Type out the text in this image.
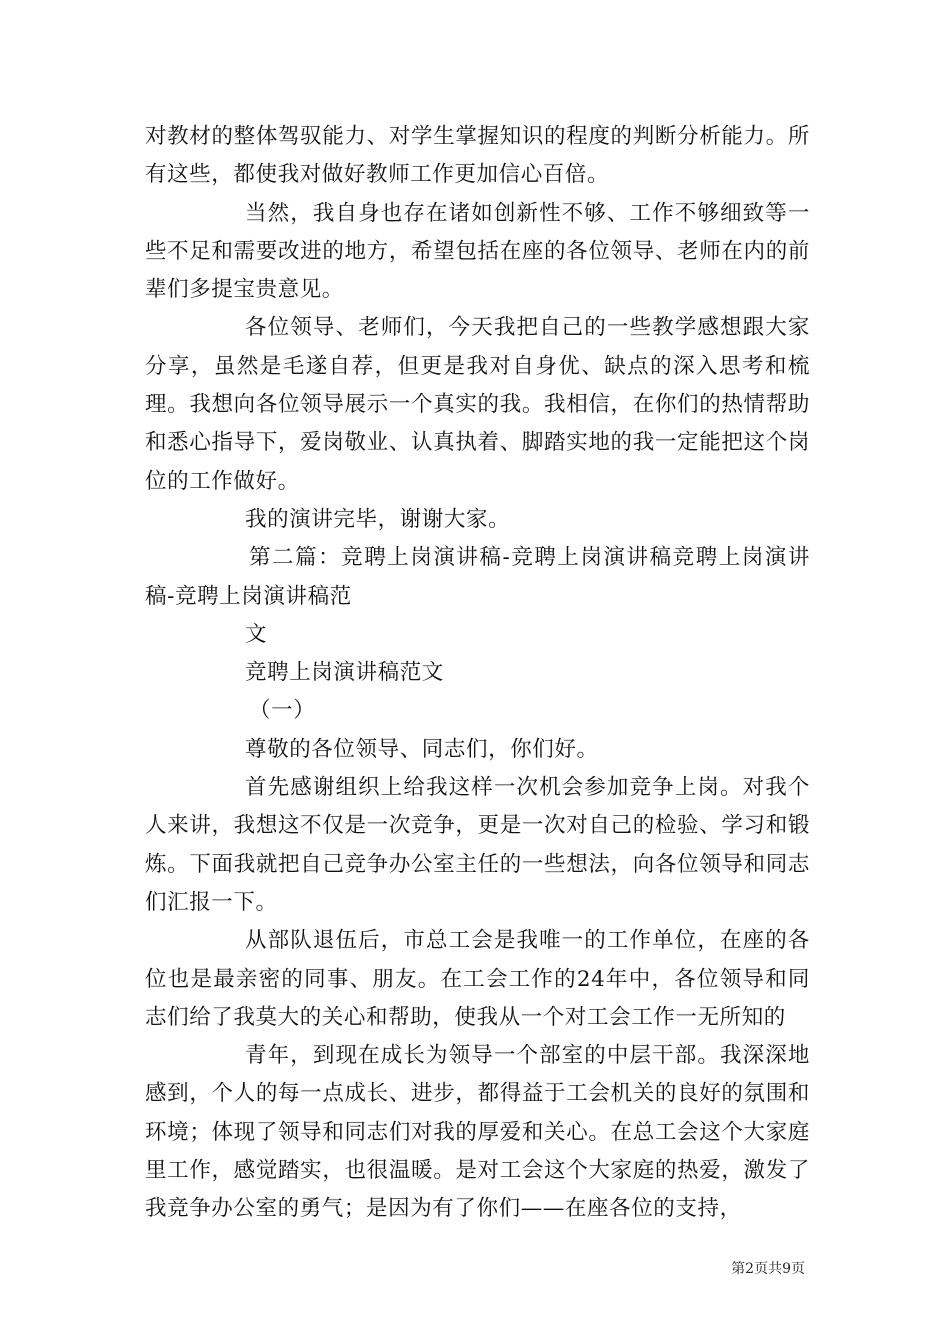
对教材的整体驾驭能力、对学生掌握知识的程度的判断分析能力。所有这些，都使我对做好教师工作更加信心百倍。

当然，我自身也存在诸如创新性不够、工作不够细致等一些不足和需要改进的地方，希望包括在座的各位领导、老师在内的前辈们多提宝贵意见。

各位领导、老师们，今天我把自己的一些教学感想跟大家分享，虽然是毛遂自荐，但更是我对自身优、缺点的深入思考和梳理。我想向各位领导展示一个真实的我。我相信，在你们的热情帮助和悉心指导下，爱岗敬业、认真执着、脚踏实地的我一定能把这个岗位的工作做好。

我的演讲完毕，谢谢大家。

第二篇：竞聘上岗演讲稿-竞聘上岗演讲稿竞聘上岗演讲稿-竞聘上岗演讲稿范

文

竞聘上岗演讲稿范文

（一）

尊敬的各位领导、同志们，你们好。

首先感谢组织上给我这样一次机会参加竞争上岗。对我个人来讲，我想这不仅是一次竞争，更是一次对自己的检验、学习和锻炼。下面我就把自己竞争办公室主任的一些想法，向各位领导和同志们汇报一下。

从部队退伍后，市总工会是我唯一的工作单位，在座的各位也是最亲密的同事、朋友。在工会工作的24年中，各位领导和同志们给了我莫大的关心和帮助，使我从一个对工会工作一无所知的

青年，到现在成长为领导一个部室的中层干部。我深深地感到，个人的每一点成长、进步，都得益于工会机关的良好的氛围和环境；体现了领导和同志们对我的厚爱和关心。在总工会这个大家庭里工作，感觉踏实，也很温暖。是对工会这个大家庭的热爱，激发了我竞争办公室的勇气；是因为有了你们——在座各位的支持，

第2页共9页
